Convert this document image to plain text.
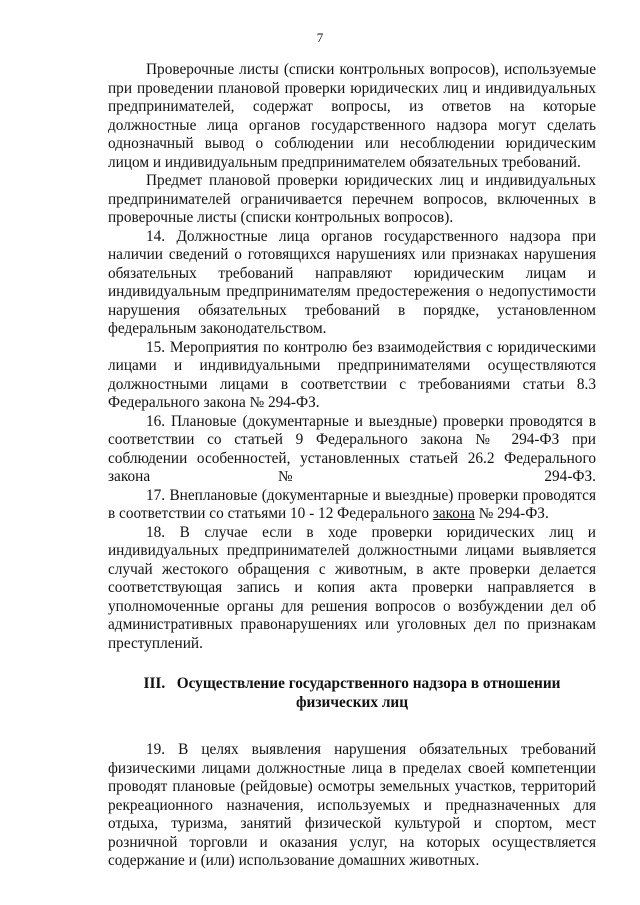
7

Проверочные листы (списки контрольных вопросов), используемые при проведении плановой проверки юридических лиц и индивидуальных предпринимателей, содержат вопросы, из ответов на которые должностные лица органов государственного надзора могут сделать однозначный вывод о соблюдении или несоблюдении юридическим лицом и индивидуальным предпринимателем обязательных требований.

Предмет плановой проверки юридических лиц и индивидуальных предпринимателей ограничивается перечнем вопросов, включенных в проверочные листы (списки контрольных вопросов).

14. Должностные лица органов государственного надзора при наличии сведений о готовящихся нарушениях или признаках нарушения обязательных требований направляют юридическим лицам и индивидуальным предпринимателям предостережения о недопустимости нарушения обязательных требований в порядке, установленном федеральным законодательством.

15. Мероприятия по контролю без взаимодействия с юридическими лицами и индивидуальными предпринимателями осуществляются должностными лицами в соответствии с требованиями статьи 8.3 Федерального закона № 294-ФЗ.

16. Плановые (документарные и выездные) проверки проводятся в соответствии со статьей 9 Федерального закона № 294-ФЗ при соблюдении особенностей, установленных статьей 26.2 Федерального закона № 294-ФЗ.

17. Внеплановые (документарные и выездные) проверки проводятся в соответствии со статьями 10 - 12 Федерального закона № 294-ФЗ.

18. В случае если в ходе проверки юридических лиц и индивидуальных предпринимателей должностными лицами выявляется случай жестокого обращения с животным, в акте проверки делается соответствующая запись и копия акта проверки направляется в уполномоченные органы для решения вопросов о возбуждении дел об административных правонарушениях или уголовных дел по признакам преступлений.

III. Осуществление государственного надзора в отношении физических лиц

19. В целях выявления нарушения обязательных требований физическими лицами должностные лица в пределах своей компетенции проводят плановые (рейдовые) осмотры земельных участков, территорий рекреационного назначения, используемых и предназначенных для отдыха, туризма, занятий физической культурой и спортом, мест розничной торговли и оказания услуг, на которых осуществляется содержание и (или) использование домашних животных.
